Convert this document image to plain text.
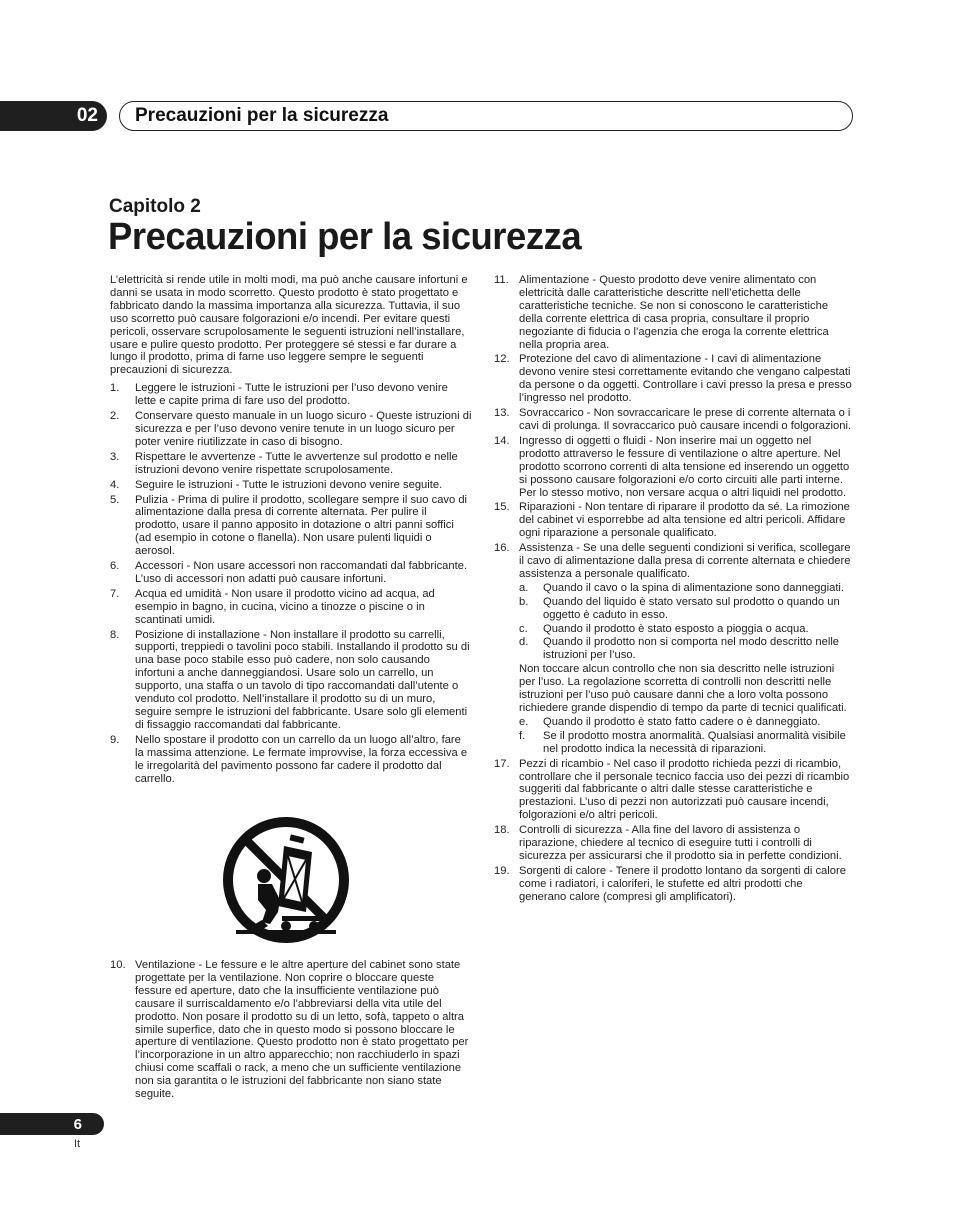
02 Precauzioni per la sicurezza
Capitolo 2
Precauzioni per la sicurezza

L’elettricità si rende utile in molti modi, ma può anche causare infortuni e danni se usata in modo scorretto. Questo prodotto è stato progettato e fabbricato dando la massima importanza alla sicurezza. Tuttavia, il suo uso scorretto può causare folgorazioni e/o incendi. Per evitare questi pericoli, osservare scrupolosamente le seguenti istruzioni nell’installare, usare e pulire questo prodotto. Per proteggere sé stessi e far durare a lungo il prodotto, prima di farne uso leggere sempre le seguenti precauzioni di sicurezza.

1. Leggere le istruzioni - Tutte le istruzioni per l’uso devono venire lette e capite prima di fare uso del prodotto.
2. Conservare questo manuale in un luogo sicuro - Queste istruzioni di sicurezza e per l’uso devono venire tenute in un luogo sicuro per poter venire riutilizzate in caso di bisogno.
3. Rispettare le avvertenze - Tutte le avvertenze sul prodotto e nelle istruzioni devono venire rispettate scrupolosamente.
4. Seguire le istruzioni - Tutte le istruzioni devono venire seguite.
5. Pulizia - Prima di pulire il prodotto, scollegare sempre il suo cavo di alimentazione dalla presa di corrente alternata. Per pulire il prodotto, usare il panno apposito in dotazione o altri panni soffici (ad esempio in cotone o flanella). Non usare pulenti liquidi o aerosol.
6. Accessori - Non usare accessori non raccomandati dal fabbricante. L’uso di accessori non adatti può causare infortuni.
7. Acqua ed umidità - Non usare il prodotto vicino ad acqua, ad esempio in bagno, in cucina, vicino a tinozze o piscine o in scantinati umidi.
8. Posizione di installazione - Non installare il prodotto su carrelli, supporti, treppiedi o tavolini poco stabili. Installando il prodotto su di una base poco stabile esso può cadere, non solo causando infortuni a anche danneggiandosi. Usare solo un carrello, un supporto, una staffa o un tavolo di tipo raccomandati dall’utente o venduto col prodotto. Nell’installare il prodotto su di un muro, seguire sempre le istruzioni del fabbricante. Usare solo gli elementi di fissaggio raccomandati dal fabbricante.
9. Nello spostare il prodotto con un carrello da un luogo all’altro, fare la massima attenzione. Le fermate improvvise, la forza eccessiva e le irregolarità del pavimento possono far cadere il prodotto dal carrello.
10. Ventilazione - Le fessure e le altre aperture del cabinet sono state progettate per la ventilazione. Non coprire o bloccare queste fessure ed aperture, dato che la insufficiente ventilazione può causare il surriscaldamento e/o l’abbreviarsi della vita utile del prodotto. Non posare il prodotto su di un letto, sofà, tappeto o altra simile superfice, dato che in questo modo si possono bloccare le aperture di ventilazione. Questo prodotto non è stato progettato per l’incorporazione in un altro apparecchio; non racchiuderlo in spazi chiusi come scaffali o rack, a meno che un sufficiente ventilazione non sia garantita o le istruzioni del fabbricante non siano state seguite.
11. Alimentazione - Questo prodotto deve venire alimentato con elettricità dalle caratteristiche descritte nell’etichetta delle caratteristiche tecniche. Se non si conoscono le caratteristiche della corrente elettrica di casa propria, consultare il proprio negoziante di fiducia o l’agenzia che eroga la corrente elettrica nella propria area.
12. Protezione del cavo di alimentazione - I cavi di alimentazione devono venire stesi correttamente evitando che vengano calpestati da persone o da oggetti. Controllare i cavi presso la presa e presso l’ingresso nel prodotto.
13. Sovraccarico - Non sovraccaricare le prese di corrente alternata o i cavi di prolunga. Il sovraccarico può causare incendi o folgorazioni.
14. Ingresso di oggetti o fluidi - Non inserire mai un oggetto nel prodotto attraverso le fessure di ventilazione o altre aperture. Nel prodotto scorrono correnti di alta tensione ed inserendo un oggetto si possono causare folgorazioni e/o corto circuiti alle parti interne. Per lo stesso motivo, non versare acqua o altri liquidi nel prodotto.
15. Riparazioni - Non tentare di riparare il prodotto da sé. La rimozione del cabinet vi esporrebbe ad alta tensione ed altri pericoli. Affidare ogni riparazione a personale qualificato.
16. Assistenza - Se una delle seguenti condizioni si verifica, scollegare il cavo di alimentazione dalla presa di corrente alternata e chiedere assistenza a personale qualificato.
a. Quando il cavo o la spina di alimentazione sono danneggiati.
b. Quando del liquido è stato versato sul prodotto o quando un oggetto è caduto in esso.
c. Quando il prodotto è stato esposto a pioggia o acqua.
d. Quando il prodotto non si comporta nel modo descritto nelle istruzioni per l’uso.
Non toccare alcun controllo che non sia descritto nelle istruzioni per l’uso. La regolazione scorretta di controlli non descritti nelle istruzioni per l’uso può causare danni che a loro volta possono richiedere grande dispendio di tempo da parte di tecnici qualificati.
e. Quando il prodotto è stato fatto cadere o è danneggiato.
f. Se il prodotto mostra anormalità. Qualsiasi anormalità visibile nel prodotto indica la necessità di riparazioni.
17. Pezzi di ricambio - Nel caso il prodotto richieda pezzi di ricambio, controllare che il personale tecnico faccia uso dei pezzi di ricambio suggeriti dal fabbricante o altri dalle stesse caratteristiche e prestazioni. L’uso di pezzi non autorizzati può causare incendi, folgorazioni e/o altri pericoli.
18. Controlli di sicurezza - Alla fine del lavoro di assistenza o riparazione, chiedere al tecnico di eseguire tutti i controlli di sicurezza per assicurarsi che il prodotto sia in perfette condizioni.
19. Sorgenti di calore - Tenere il prodotto lontano da sorgenti di calore come i radiatori, i caloriferi, le stufette ed altri prodotti che generano calore (compresi gli amplificatori).
6
It
